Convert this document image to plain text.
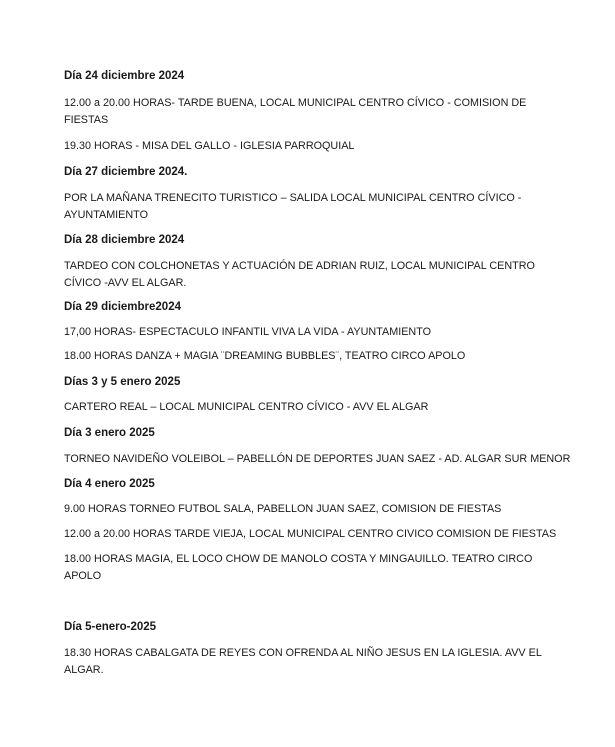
Día 24 diciembre 2024
12.00 a 20.00 HORAS- TARDE BUENA, LOCAL MUNICIPAL CENTRO CÍVICO - COMISION DE FIESTAS
19.30 HORAS - MISA DEL GALLO - IGLESIA PARROQUIAL
Día 27 diciembre 2024.
POR LA MAÑANA TRENECITO TURISTICO – SALIDA LOCAL MUNICIPAL CENTRO CÍVICO - AYUNTAMIENTO
Día 28 diciembre 2024
TARDEO CON COLCHONETAS Y ACTUACIÓN DE ADRIAN RUIZ, LOCAL MUNICIPAL CENTRO CÍVICO -AVV EL ALGAR.
Día 29 diciembre2024
17,00 HORAS- ESPECTACULO INFANTIL VIVA LA VIDA - AYUNTAMIENTO
18.00 HORAS DANZA + MAGIA ¨DREAMING BUBBLES¨, TEATRO CIRCO APOLO
Días 3 y 5 enero 2025
CARTERO REAL – LOCAL MUNICIPAL CENTRO CÍVICO - AVV EL ALGAR
Día 3 enero 2025
TORNEO NAVIDEÑO VOLEIBOL – PABELLÓN DE DEPORTES JUAN SAEZ - AD. ALGAR SUR MENOR
Día 4 enero 2025
9.00 HORAS TORNEO FUTBOL SALA, PABELLON JUAN SAEZ, COMISION DE FIESTAS
12.00 a 20.00 HORAS TARDE VIEJA, LOCAL MUNICIPAL CENTRO CIVICO COMISION DE FIESTAS
18.00 HORAS MAGIA, EL LOCO CHOW DE MANOLO COSTA Y MINGAUILLO. TEATRO CIRCO APOLO
Día 5-enero-2025
18.30 HORAS CABALGATA DE REYES CON OFRENDA AL NIÑO JESUS EN LA IGLESIA. AVV EL ALGAR.
